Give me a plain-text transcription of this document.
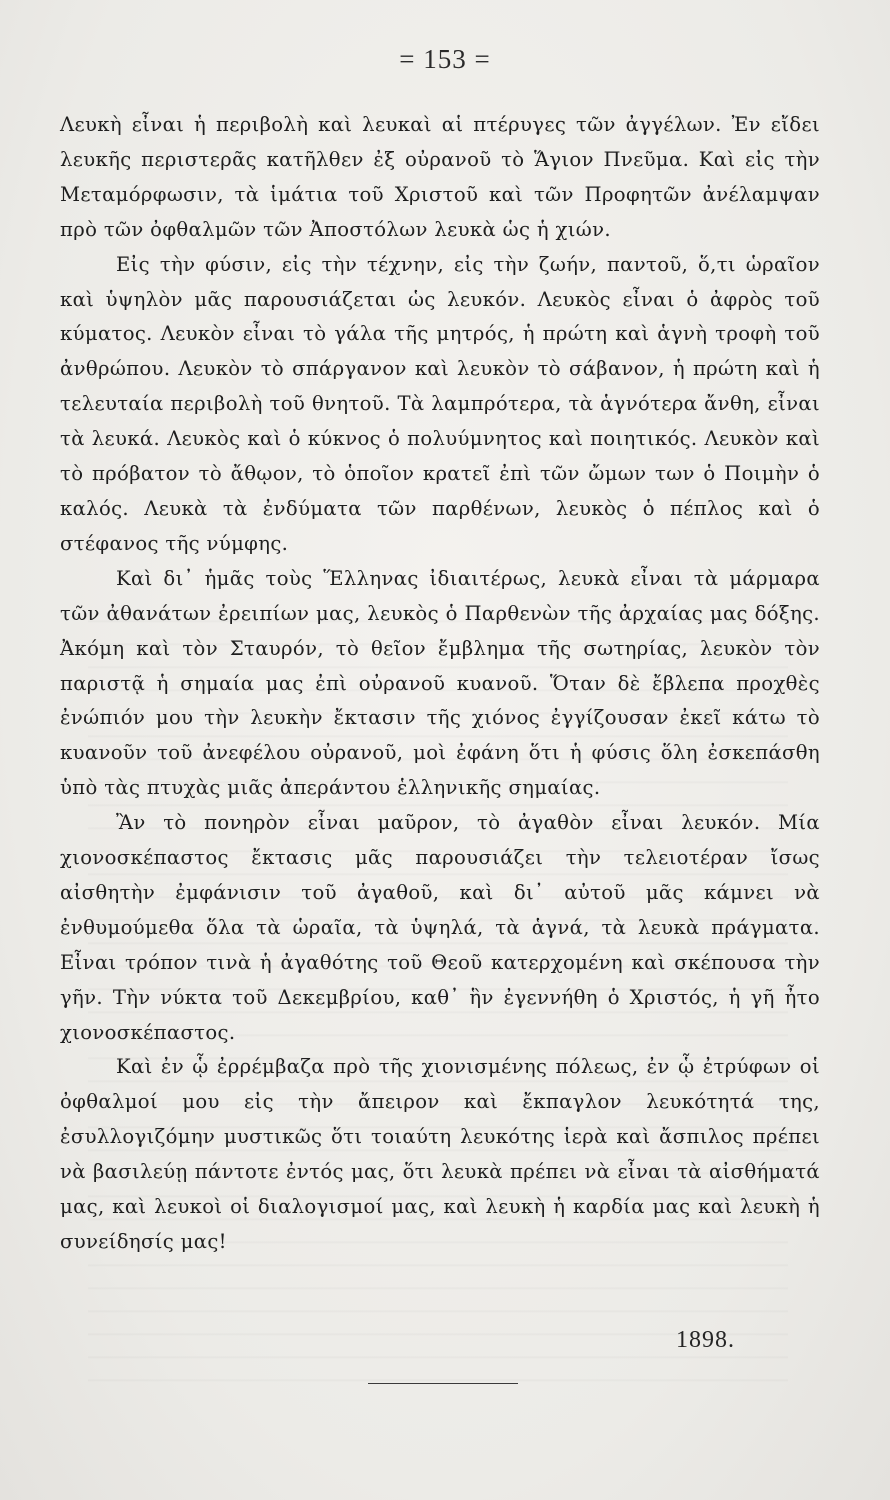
= 153 =

Λευκὴ εἶναι ἡ περιβολὴ καὶ λευκαὶ αἱ πτέρυγες τῶν ἀγγέλων. Ἐν εἴδει λευκῆς περιστερᾶς κατῆλθεν ἐξ οὐρανοῦ τὸ Ἅγιον Πνεῦμα. Καὶ εἰς τὴν Μεταμόρφωσιν, τὰ ἱμάτια τοῦ Χριστοῦ καὶ τῶν Προφητῶν ἀνέλαμψαν πρὸ τῶν ὀφθαλμῶν τῶν Ἀποστόλων λευκὰ ὡς ἡ χιών.

Εἰς τὴν φύσιν, εἰς τὴν τέχνην, εἰς τὴν ζωήν, παντοῦ, ὅ,τι ὡραῖον καὶ ὑψηλὸν μᾶς παρουσιάζεται ὡς λευκόν. Λευκὸς εἶναι ὁ ἀφρὸς τοῦ κύματος. Λευκὸν εἶναι τὸ γάλα τῆς μητρός, ἡ πρώτη καὶ ἁγνὴ τροφὴ τοῦ ἀνθρώπου. Λευκὸν τὸ σπάργανον καὶ λευκὸν τὸ σάβανον, ἡ πρώτη καὶ ἡ τελευταία περιβολὴ τοῦ θνητοῦ. Τὰ λαμπρότερα, τὰ ἁγνότερα ἄνθη, εἶναι τὰ λευκά. Λευκὸς καὶ ὁ κύκνος ὁ πολυύμνητος καὶ ποιητικός. Λευκὸν καὶ τὸ πρόβατον τὸ ἄθῳον, τὸ ὁποῖον κρατεῖ ἐπὶ τῶν ὤμων των ὁ Ποιμὴν ὁ καλός. Λευκὰ τὰ ἐνδύματα τῶν παρθένων, λευκὸς ὁ πέπλος καὶ ὁ στέφανος τῆς νύμφης.

Καὶ δι᾽ ἡμᾶς τοὺς Ἕλληνας ἰδιαιτέρως, λευκὰ εἶναι τὰ μάρμαρα τῶν ἀθανάτων ἐρειπίων μας, λευκὸς ὁ Παρθενὼν τῆς ἀρχαίας μας δόξης. Ἀκόμη καὶ τὸν Σταυρόν, τὸ θεῖον ἔμβλημα τῆς σωτηρίας, λευκὸν τὸν παριστᾷ ἡ σημαία μας ἐπὶ οὐρανοῦ κυανοῦ. Ὅταν δὲ ἔβλεπα προχθὲς ἐνώπιόν μου τὴν λευκὴν ἔκτασιν τῆς χιόνος ἐγγίζουσαν ἐκεῖ κάτω τὸ κυανοῦν τοῦ ἀνεφέλου οὐρανοῦ, μοὶ ἐφάνη ὅτι ἡ φύσις ὅλη ἐσκεπάσθη ὑπὸ τὰς πτυχὰς μιᾶς ἀπεράντου ἑλληνικῆς σημαίας.

Ἂν τὸ πονηρὸν εἶναι μαῦρον, τὸ ἀγαθὸν εἶναι λευκόν. Μία χιονοσκέπαστος ἔκτασις μᾶς παρουσιάζει τὴν τελειοτέραν ἴσως αἰσθητὴν ἐμφάνισιν τοῦ ἀγαθοῦ, καὶ δι᾽ αὐτοῦ μᾶς κάμνει νὰ ἐνθυμούμεθα ὅλα τὰ ὡραῖα, τὰ ὑψηλά, τὰ ἁγνά, τὰ λευκὰ πράγματα. Εἶναι τρόπον τινὰ ἡ ἀγαθότης τοῦ Θεοῦ κατερχομένη καὶ σκέπουσα τὴν γῆν. Τὴν νύκτα τοῦ Δεκεμβρίου, καθ᾽ ἣν ἐγεννήθη ὁ Χριστός, ἡ γῆ ἦτο χιονοσκέπαστος.

Καὶ ἐν ᾧ ἐρρέμβαζα πρὸ τῆς χιονισμένης πόλεως, ἐν ᾧ ἐτρύφων οἱ ὀφθαλμοί μου εἰς τὴν ἄπειρον καὶ ἔκπαγλον λευκότητά της, ἐσυλλογιζόμην μυστικῶς ὅτι τοιαύτη λευκότης ἱερὰ καὶ ἄσπιλος πρέπει νὰ βασιλεύῃ πάντοτε ἐντός μας, ὅτι λευκὰ πρέπει νὰ εἶναι τὰ αἰσθήματά μας, καὶ λευκοὶ οἱ διαλογισμοί μας, καὶ λευκὴ ἡ καρδία μας καὶ λευκὴ ἡ συνείδησίς μας!

1898.
